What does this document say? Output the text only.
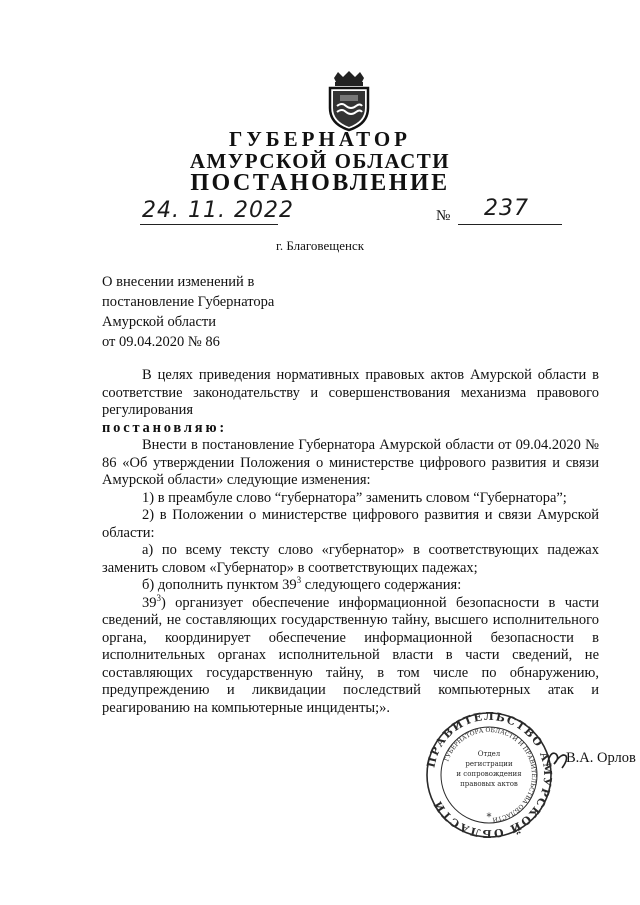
ГУБЕРНАТОР
АМУРСКОЙ ОБЛАСТИ
ПОСТАНОВЛЕНИЕ
24. 11. 2022	№ 237
г. Благовещенск
О внесении изменений в
постановление Губернатора
Амурской области
от 09.04.2020 № 86

В целях приведения нормативных правовых актов Амурской области в соответствие законодательству и совершенствования механизма правового регулирования

постановляю:

Внести в постановление Губернатора Амурской области от 09.04.2020 № 86 «Об утверждении Положения о министерстве цифрового развития и связи Амурской области» следующие изменения:

1) в преамбуле слово “губернатора” заменить словом “Губернатора”;

2) в Положении о министерстве цифрового развития и связи Амурской области:

а) по всему тексту слово «губернатор» в соответствующих падежах заменить словом «Губернатор» в соответствующих падежах;

б) дополнить пунктом $39^3$ следующего содержания:

$39^3$) организует обеспечение информационной безопасности в части сведений, не составляющих государственную тайну, высшего исполнительного органа, координирует обеспечение информационной безопасности в исполнительных органах исполнительной власти в части сведений, не составляющих государственную тайну, в том числе по обнаружению, предупреждению и ликвидации последствий компьютерных атак и реагированию на компьютерные инциденты;».

ПРАВИТЕЛЬСТВО АМУРСКОЙ ОБЛАСТИ
ГУБЕРНАТОРА ОБЛАСТИ И ПРАВИТЕЛЬСТВА ОБЛАСТИ
Отдел
регистрации
и сопровождения
правовых актов
*
В.А. Орлов
